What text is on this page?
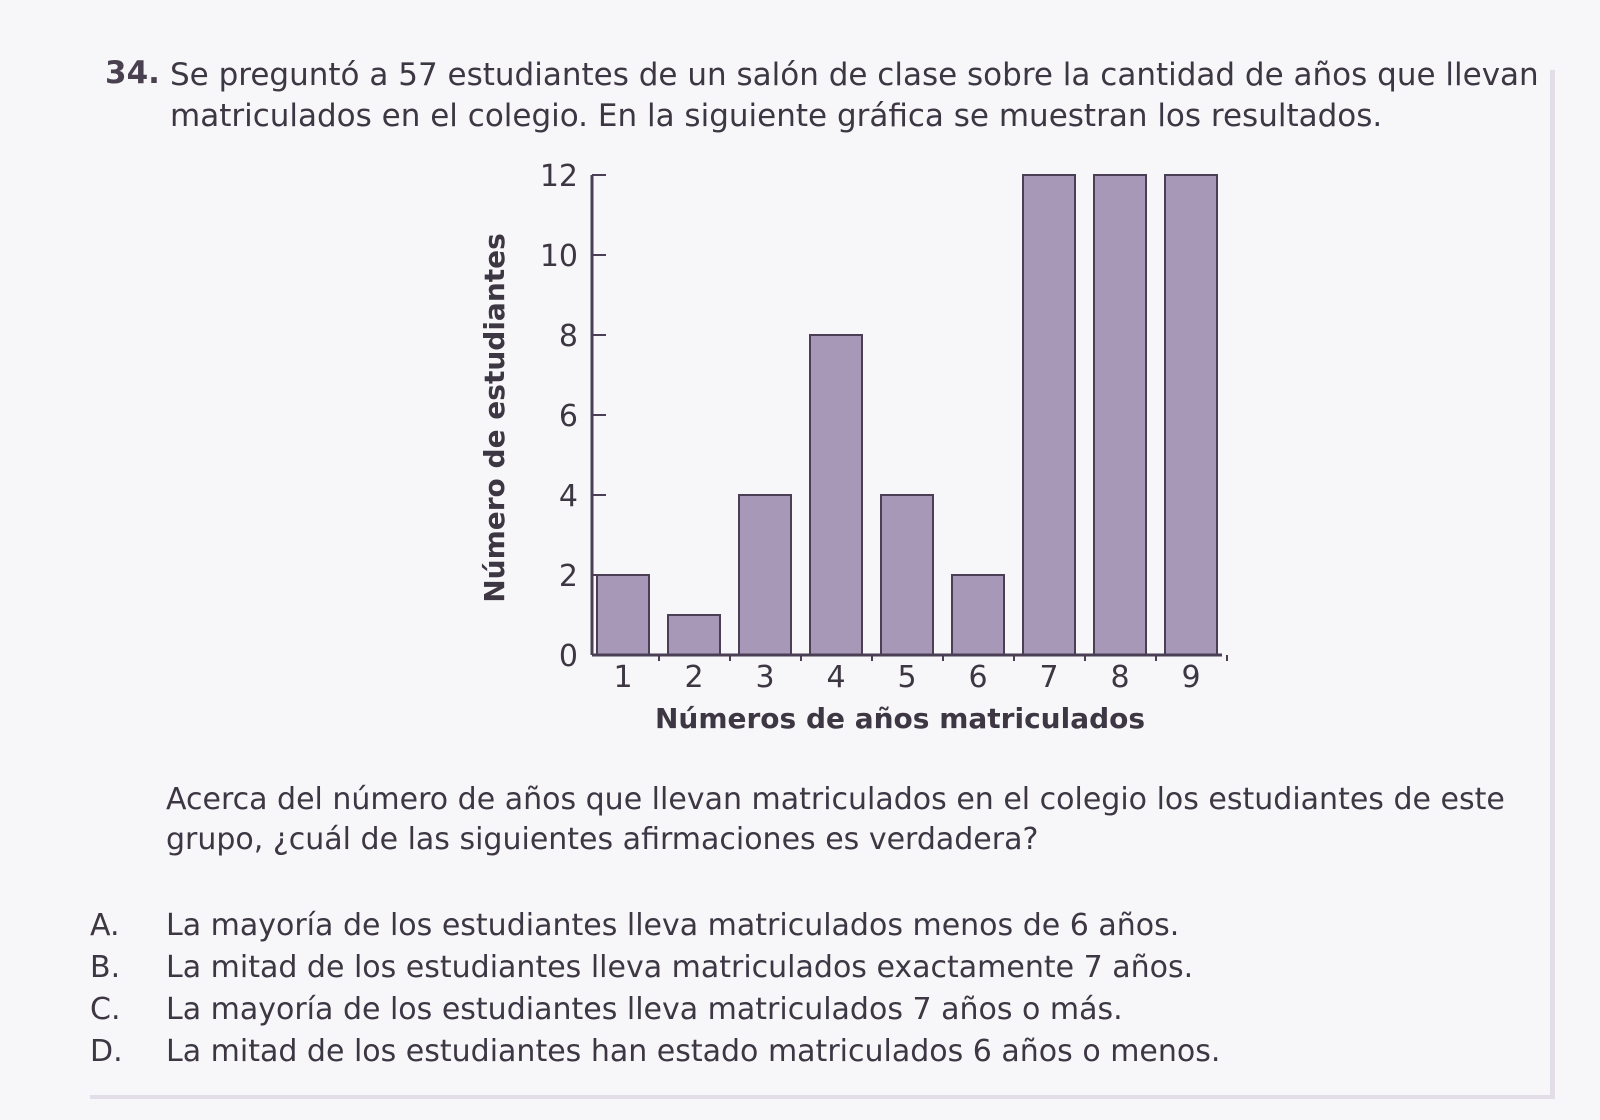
34. Se preguntó a 57 estudiantes de un salón de clase sobre la cantidad de años que llevan matriculados en el colegio. En la siguiente gráfica se muestran los resultados.
0
2
4
6
8
10
12
1 2 3 4 5 6 7 8 9
Número de estudiantes
Números de años matriculados
Acerca del número de años que llevan matriculados en el colegio los estudiantes de este grupo, ¿cuál de las siguientes afirmaciones es verdadera?
A.	La mayoría de los estudiantes lleva matriculados menos de 6 años.
B.	La mitad de los estudiantes lleva matriculados exactamente 7 años.
C.	La mayoría de los estudiantes lleva matriculados 7 años o más.
D.	La mitad de los estudiantes han estado matriculados 6 años o menos.
